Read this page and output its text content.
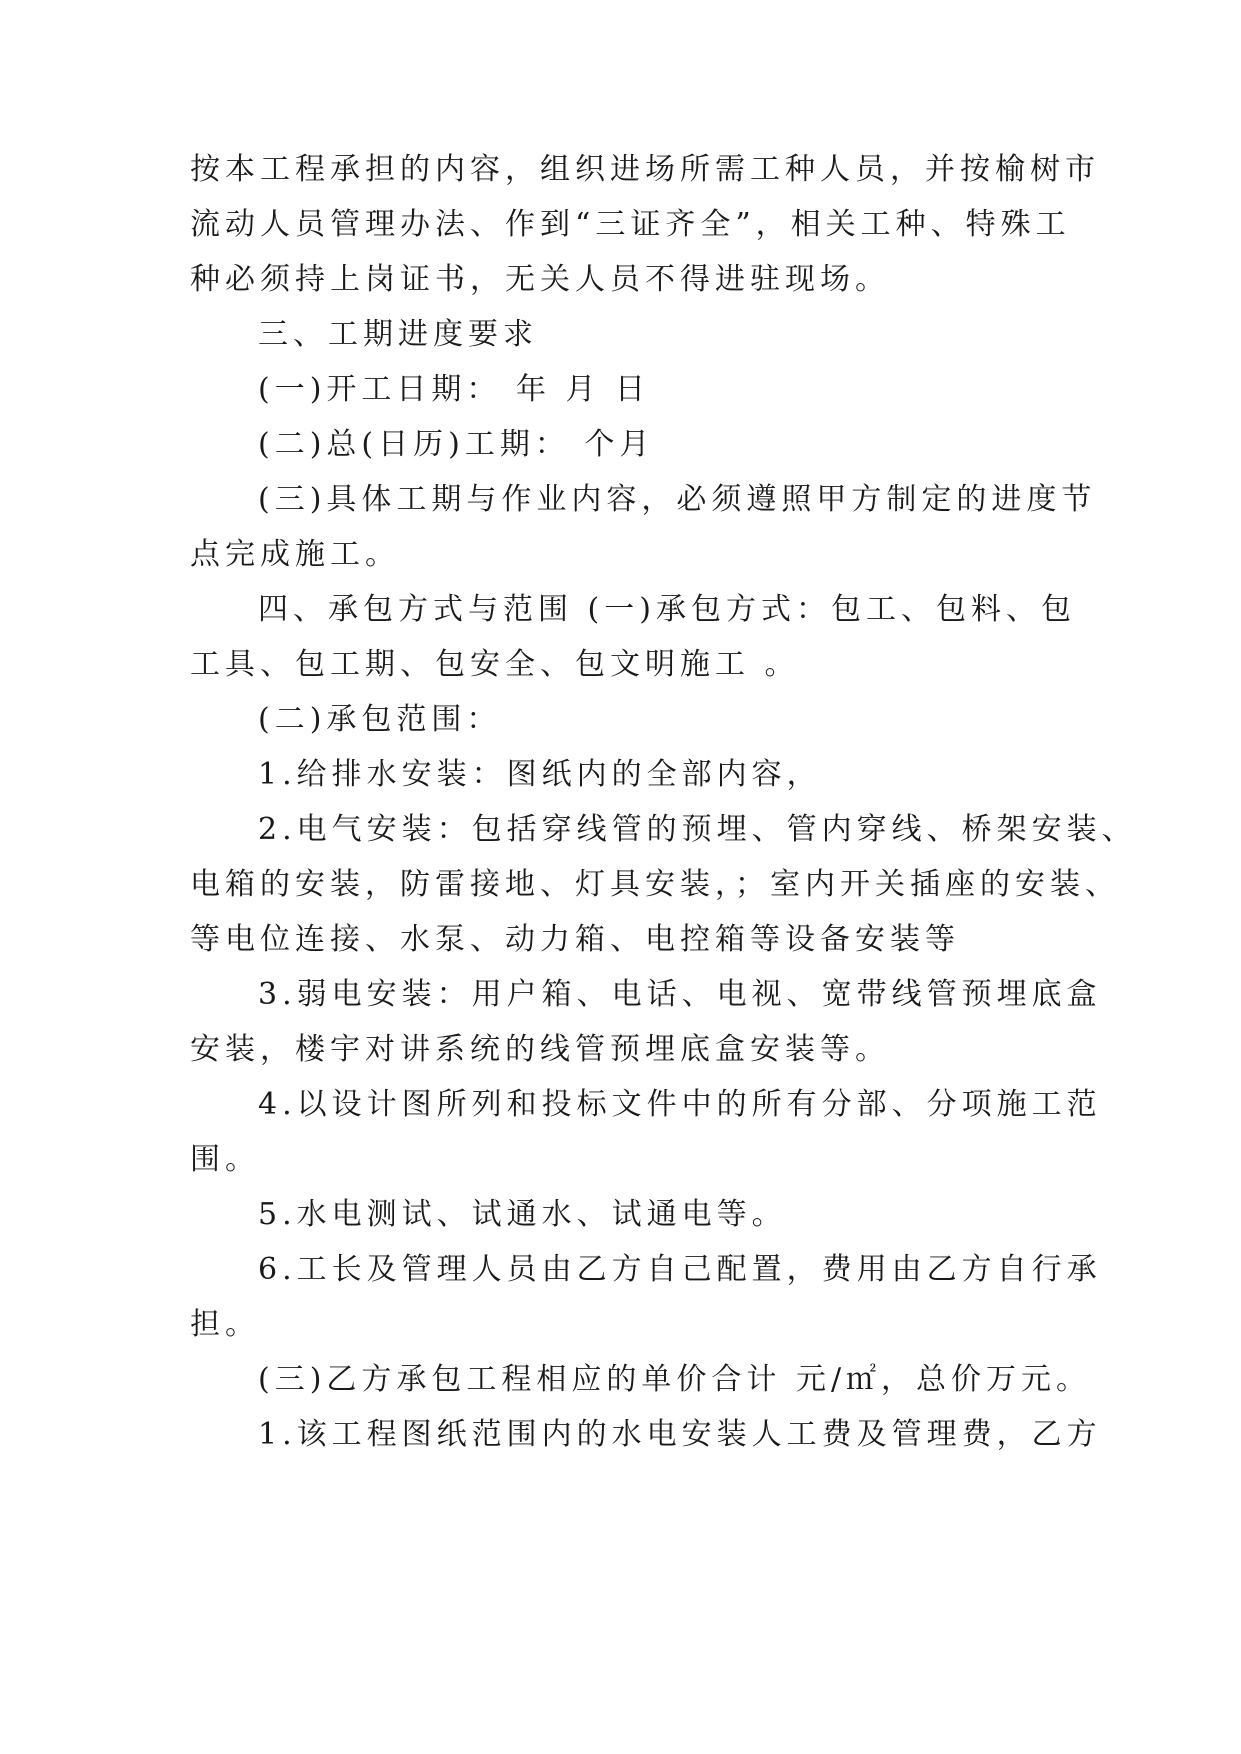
按本工程承担的内容，组织进场所需工种人员，并按榆树市
流动人员管理办法、作到“三证齐全”，相关工种、特殊工
种必须持上岗证书，无关人员不得进驻现场。
三、工期进度要求
(一)开工日期： 年 月 日
(二)总(日历)工期： 个月
(三)具体工期与作业内容，必须遵照甲方制定的进度节
点完成施工。
四、承包方式与范围 (一)承包方式：包工、包料、包
工具、包工期、包安全、包文明施工 。
(二)承包范围：
1.给排水安装：图纸内的全部内容，
2.电气安装：包括穿线管的预埋、管内穿线、桥架安装、
电箱的安装，防雷接地、灯具安装，；室内开关插座的安装、
等电位连接、水泵、动力箱、电控箱等设备安装等
3.弱电安装：用户箱、电话、电视、宽带线管预埋底盒
安装，楼宇对讲系统的线管预埋底盒安装等。
4.以设计图所列和投标文件中的所有分部、分项施工范
围。
5.水电测试、试通水、试通电等。
6.工长及管理人员由乙方自己配置，费用由乙方自行承
担。
(三)乙方承包工程相应的单价合计 元/㎡，总价万元。
1.该工程图纸范围内的水电安装人工费及管理费，乙方
